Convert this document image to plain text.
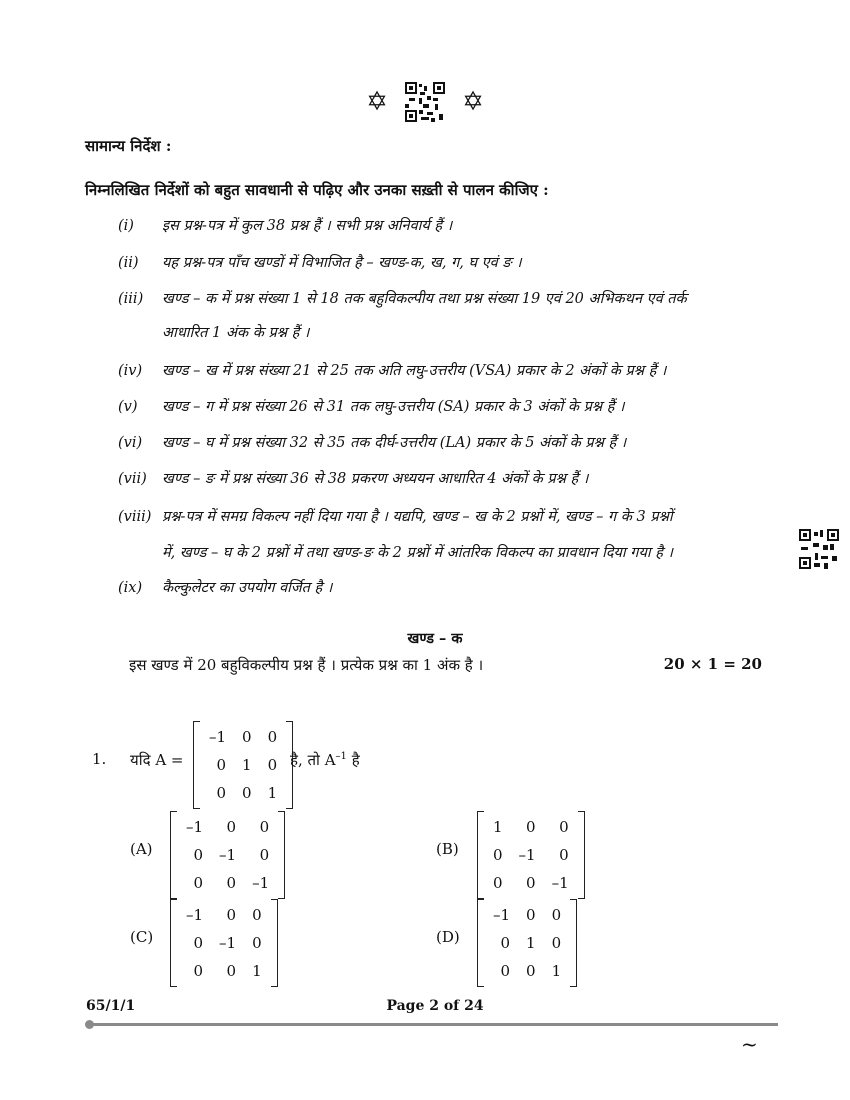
✡	✡
सामान्य निर्देश :
निम्नलिखित निर्देशों को बहुत सावधानी से पढ़िए और उनका सख़्ती से पालन कीजिए :
(i) इस प्रश्न-पत्र में कुल 38 प्रश्न हैं । सभी प्रश्न अनिवार्य हैं ।
(ii) यह प्रश्न-पत्र पाँच खण्डों में विभाजित है – खण्ड-क, ख, ग, घ एवं ङ ।
(iii) खण्ड – क में प्रश्न संख्या 1 से 18 तक बहुविकल्पीय तथा प्रश्न संख्या 19 एवं 20 अभिकथन एवं तर्क
आधारित 1 अंक के प्रश्न हैं ।
(iv) खण्ड – ख में प्रश्न संख्या 21 से 25 तक अति लघु-उत्तरीय (VSA) प्रकार के 2 अंकों के प्रश्न हैं ।
(v) खण्ड – ग में प्रश्न संख्या 26 से 31 तक लघु-उत्तरीय (SA) प्रकार के 3 अंकों के प्रश्न हैं ।
(vi) खण्ड – घ में प्रश्न संख्या 32 से 35 तक दीर्घ-उत्तरीय (LA) प्रकार के 5 अंकों के प्रश्न हैं ।
(vii) खण्ड – ङ में प्रश्न संख्या 36 से 38 प्रकरण अध्ययन आधारित 4 अंकों के प्रश्न हैं ।
(viii) प्रश्न-पत्र में समग्र विकल्प नहीं दिया गया है । यद्यपि, खण्ड – ख के 2 प्रश्नों में, खण्ड – ग के 3 प्रश्नों
में, खण्ड – घ के 2 प्रश्नों में तथा खण्ड-ङ के 2 प्रश्नों में आंतरिक विकल्प का प्रावधान दिया गया है ।
(ix) कैल्कुलेटर का उपयोग वर्जित है ।
खण्ड – क
इस खण्ड में 20 बहुविकल्पीय प्रश्न हैं । प्रत्येक प्रश्न का 1 अंक है ।	20 × 1 = 20
1. यदि A =
–1	0	0
0	1	0
0	0	1
है, तो $A^{-1}$ है
(A)
–1	0	0
0	–1	0
0	0	–1
(B)
1	0	0
0	–1	0
0	0	–1
(C)
–1	0	0
0	–1	0
0	0	1
(D)
–1	0	0
0	1	0
0	0	1
65/1/1	Page 2 of 24
~
